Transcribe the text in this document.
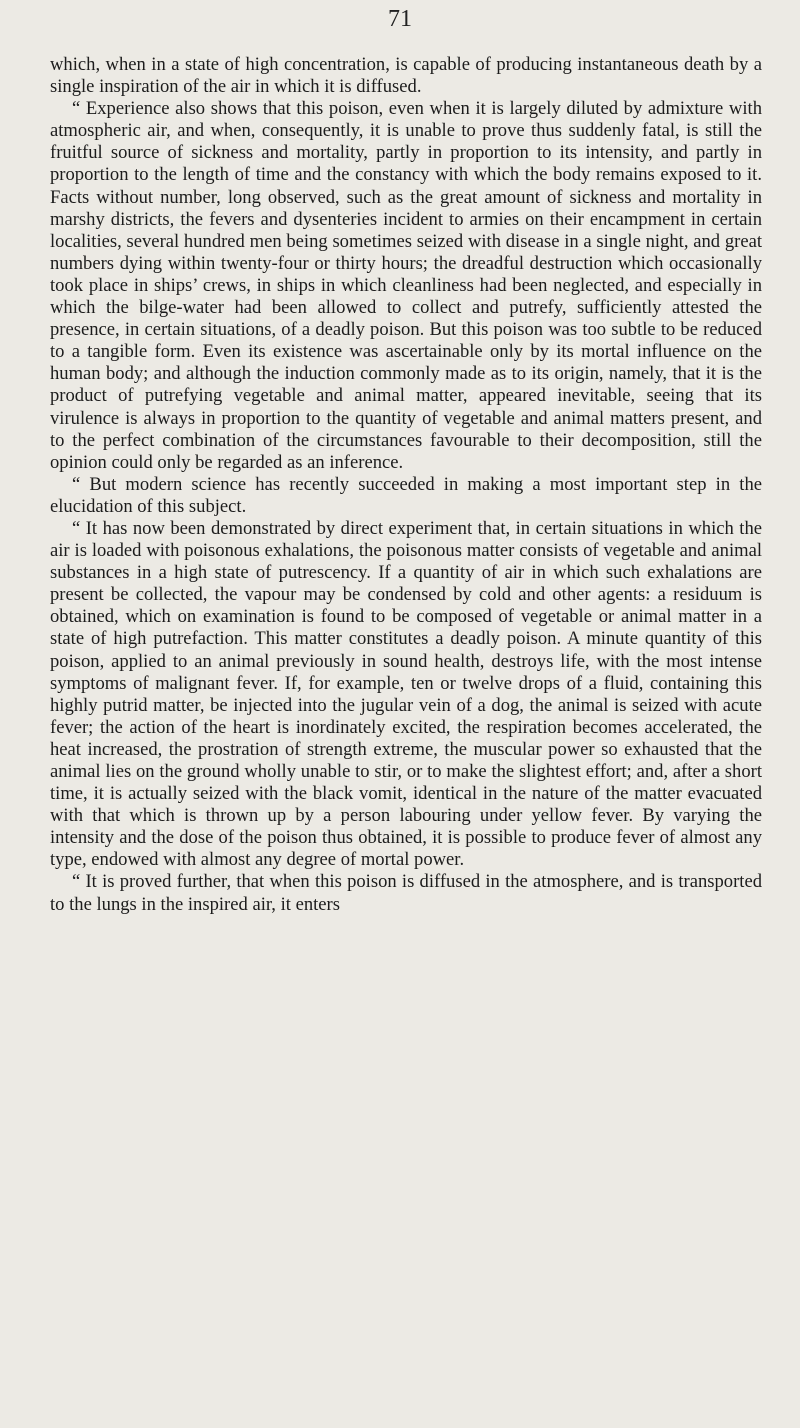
71

which, when in a state of high concentration, is capable of producing instantaneous death by a single inspiration of the air in which it is diffused.

“ Experience also shows that this poison, even when it is largely diluted by admixture with atmospheric air, and when, consequently, it is unable to prove thus suddenly fatal, is still the fruitful source of sickness and mortality, partly in proportion to its intensity, and partly in proportion to the length of time and the constancy with which the body remains exposed to it. Facts without number, long observed, such as the great amount of sickness and mortality in marshy districts, the fevers and dysenteries incident to armies on their encampment in certain localities, several hundred men being sometimes seized with disease in a single night, and great numbers dying within twenty-four or thirty hours; the dreadful destruction which occasionally took place in ships’ crews, in ships in which cleanliness had been neglected, and especially in which the bilge-water had been allowed to collect and putrefy, sufficiently attested the presence, in certain situations, of a deadly poison. But this poison was too subtle to be reduced to a tangible form. Even its existence was ascertainable only by its mortal influence on the human body; and although the induction commonly made as to its origin, namely, that it is the product of putrefying vegetable and animal matter, appeared inevitable, seeing that its virulence is always in proportion to the quantity of vegetable and animal matters present, and to the perfect combination of the circumstances favourable to their decomposition, still the opinion could only be regarded as an inference.

“ But modern science has recently succeeded in making a most important step in the elucidation of this subject.

“ It has now been demonstrated by direct experiment that, in certain situations in which the air is loaded with poisonous exhalations, the poisonous matter consists of vegetable and animal substances in a high state of putrescency. If a quantity of air in which such exhalations are present be collected, the vapour may be condensed by cold and other agents: a residuum is obtained, which on examination is found to be composed of vegetable or animal matter in a state of high putrefaction. This matter constitutes a deadly poison. A minute quantity of this poison, applied to an animal previously in sound health, destroys life, with the most intense symptoms of malignant fever. If, for example, ten or twelve drops of a fluid, containing this highly putrid matter, be injected into the jugular vein of a dog, the animal is seized with acute fever; the action of the heart is inordinately excited, the respiration becomes accelerated, the heat increased, the prostration of strength extreme, the muscular power so exhausted that the animal lies on the ground wholly unable to stir, or to make the slightest effort; and, after a short time, it is actually seized with the black vomit, identical in the nature of the matter evacuated with that which is thrown up by a person labouring under yellow fever. By varying the intensity and the dose of the poison thus obtained, it is possible to produce fever of almost any type, endowed with almost any degree of mortal power.

“ It is proved further, that when this poison is diffused in the atmosphere, and is transported to the lungs in the inspired air, it enters
